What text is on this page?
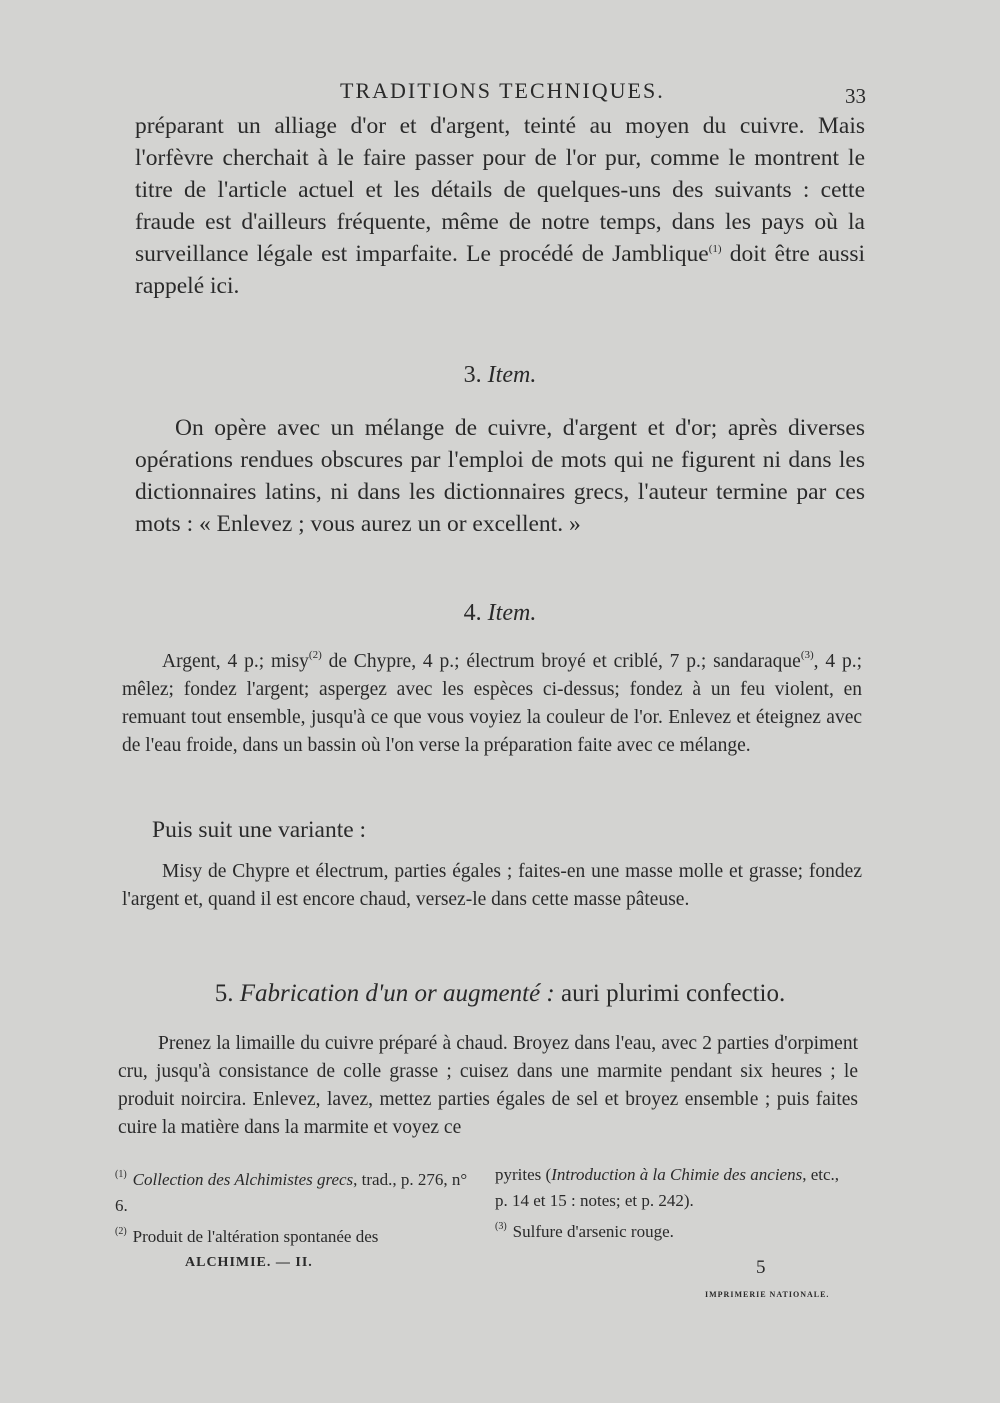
TRADITIONS TECHNIQUES.	33

préparant un alliage d'or et d'argent, teinté au moyen du cuivre. Mais l'orfèvre cherchait à le faire passer pour de l'or pur, comme le montrent le titre de l'article actuel et les détails de quelques-uns des suivants : cette fraude est d'ailleurs fréquente, même de notre temps, dans les pays où la surveillance légale est imparfaite. Le procédé de Jamblique$^{(1)}$ doit être aussi rappelé ici.

3. Item.

On opère avec un mélange de cuivre, d'argent et d'or; après diverses opérations rendues obscures par l'emploi de mots qui ne figurent ni dans les dictionnaires latins, ni dans les dictionnaires grecs, l'auteur termine par ces mots : « Enlevez ; vous aurez un or excellent. »

4. Item.

Argent, 4 p.; misy$^{(2)}$ de Chypre, 4 p.; électrum broyé et criblé, 7 p.; sandaraque$^{(3)}$, 4 p.; mêlez; fondez l'argent; aspergez avec les espèces ci-dessus; fondez à un feu violent, en remuant tout ensemble, jusqu'à ce que vous voyiez la couleur de l'or. Enlevez et éteignez avec de l'eau froide, dans un bassin où l'on verse la préparation faite avec ce mélange.

Puis suit une variante :

Misy de Chypre et électrum, parties égales ; faites-en une masse molle et grasse; fondez l'argent et, quand il est encore chaud, versez-le dans cette masse pâteuse.

5. Fabrication d'un or augmenté : auri plurimi confectio.

Prenez la limaille du cuivre préparé à chaud. Broyez dans l'eau, avec 2 parties d'orpiment cru, jusqu'à consistance de colle grasse ; cuisez dans une marmite pendant six heures ; le produit noircira. Enlevez, lavez, mettez parties égales de sel et broyez ensemble ; puis faites cuire la matière dans la marmite et voyez ce

$^{(1)}$ Collection des Alchimistes grecs, trad., p. 276, n° 6.
$^{(2)}$ Produit de l'altération spontanée des
pyrites (Introduction à la Chimie des anciens, etc., p. 14 et 15 : notes; et p. 242).
$^{(3)}$ Sulfure d'arsenic rouge.
ALCHIMIE. — II.	5
IMPRIMERIE NATIONALE.
